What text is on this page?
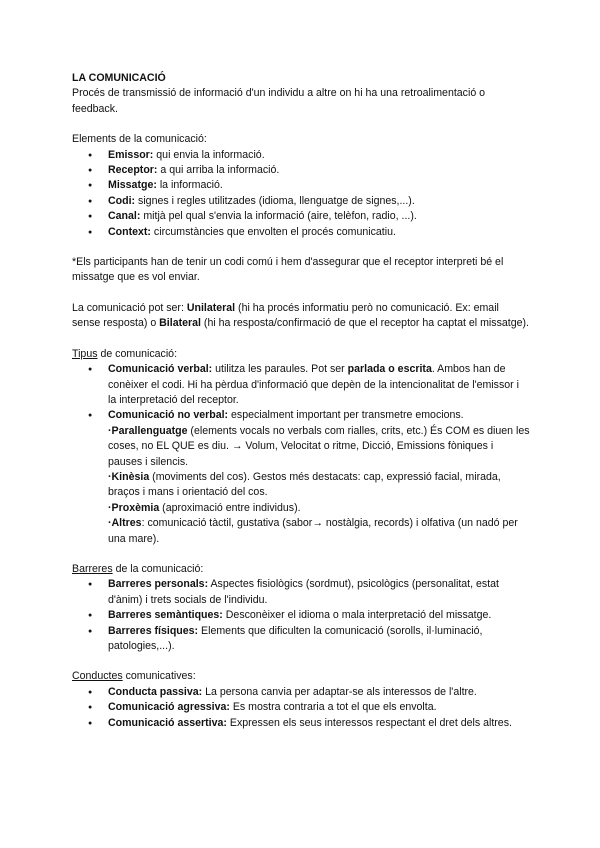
LA COMUNICACIÓ

Procés de transmissió de informació d'un individu a altre on hi ha una retroalimentació o feedback.

Elements de la comunicació:

● Emissor: qui envia la informació.
● Receptor: a qui arriba la informació.
● Missatge: la informació.
● Codi: signes i regles utilitzades (idioma, llenguatge de signes,...).
● Canal: mitjà pel qual s'envia la informació (aire, telèfon, radio, ...).
● Context: circumstàncies que envolten el procés comunicatiu.

*Els participants han de tenir un codi comú i hem d'assegurar que el receptor interpreti bé el missatge que es vol enviar.

La comunicació pot ser: Unilateral (hi ha procés informatiu però no comunicació. Ex: email sense resposta) o Bilateral (hi ha resposta/confirmació de que el receptor ha captat el missatge).

Tipus de comunicació:

● Comunicació verbal: utilitza les paraules. Pot ser parlada o escrita. Ambos han de conèixer el codi. Hi ha pèrdua d'informació que depèn de la intencionalitat de l'emissor i la interpretació del receptor.
● Comunicació no verbal: especialment important per transmetre emocions.
·Parallenguatge (elements vocals no verbals com rialles, crits, etc.) És COM es diuen les coses, no EL QUE es diu. → Volum, Velocitat o ritme, Dicció, Emissions fòniques i pauses i silencis.
·Kinèsia (moviments del cos). Gestos més destacats: cap, expressió facial, mirada, braços i mans i orientació del cos.
·Proxèmia (aproximació entre individus).
·Altres: comunicació tàctil, gustativa (sabor→ nostàlgia, records) i olfativa (un nadó per una mare).

Barreres de la comunicació:

● Barreres personals: Aspectes fisiològics (sordmut), psicològics (personalitat, estat d'ànim) i trets socials de l'individu.
● Barreres semàntiques: Desconèixer el idioma o mala interpretació del missatge.
● Barreres físiques: Elements que dificulten la comunicació (sorolls, il·luminació, patologies,...).

Conductes comunicatives:

● Conducta passiva: La persona canvia per adaptar-se als interessos de l'altre.
● Comunicació agressiva: Es mostra contraria a tot el que els envolta.
● Comunicació assertiva: Expressen els seus interessos respectant el dret dels altres.
